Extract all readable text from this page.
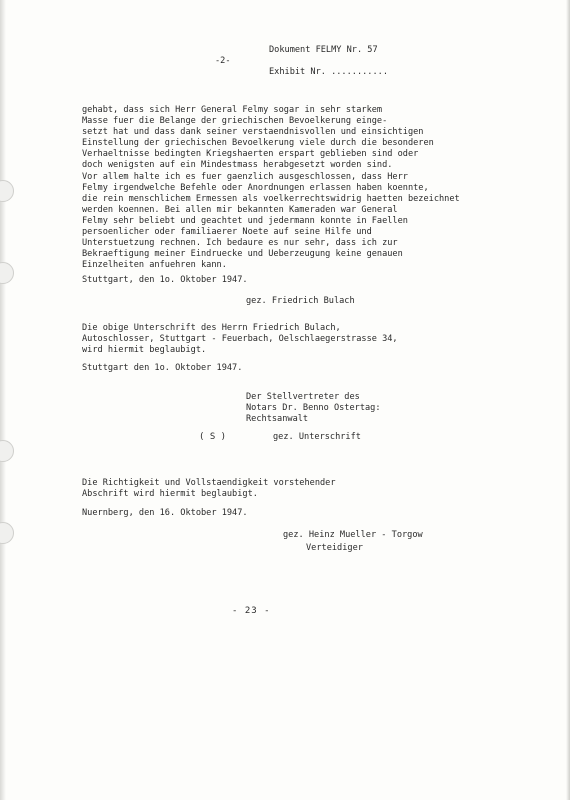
-2-
Dokument FELMY Nr. 57
Exhibit Nr. ...........
gehabt, dass sich Herr General Felmy sogar in sehr starkem
Masse fuer die Belange der griechischen Bevoelkerung einge-
setzt hat und dass dank seiner verstaendnisvollen und einsichtigen
Einstellung der griechischen Bevoelkerung viele durch die besonderen
Verhaeltnisse bedingten Kriegshaerten erspart geblieben sind oder
doch wenigsten auf ein Mindestmass herabgesetzt worden sind.
Vor allem halte ich es fuer gaenzlich ausgeschlossen, dass Herr
Felmy irgendwelche Befehle oder Anordnungen erlassen haben koennte,
die rein menschlichem Ermessen als voelkerrechtswidrig haetten bezeichnet
werden koennen. Bei allen mir bekannten Kameraden war General
Felmy sehr beliebt und geachtet und jedermann konnte in Faellen
persoenlicher oder familiaerer Noete auf seine Hilfe und
Unterstuetzung rechnen. Ich bedaure es nur sehr, dass ich zur
Bekraeftigung meiner Eindruecke und Ueberzeugung keine genauen
Einzelheiten anfuehren kann.
Stuttgart, den 1o. Oktober 1947.
gez. Friedrich Bulach
Die obige Unterschrift des Herrn Friedrich Bulach,
Autoschlosser, Stuttgart - Feuerbach, Oelschlaegerstrasse 34,
wird hiermit beglaubigt.
Stuttgart den 1o. Oktober 1947.
Der Stellvertreter des
Notars Dr. Benno Ostertag:
Rechtsanwalt
( S )	gez. Unterschrift
Die Richtigkeit und Vollstaendigkeit vorstehender
Abschrift wird hiermit beglaubigt.
Nuernberg, den 16. Oktober 1947.
gez. Heinz Mueller - Torgow
Verteidiger
- 23 -
